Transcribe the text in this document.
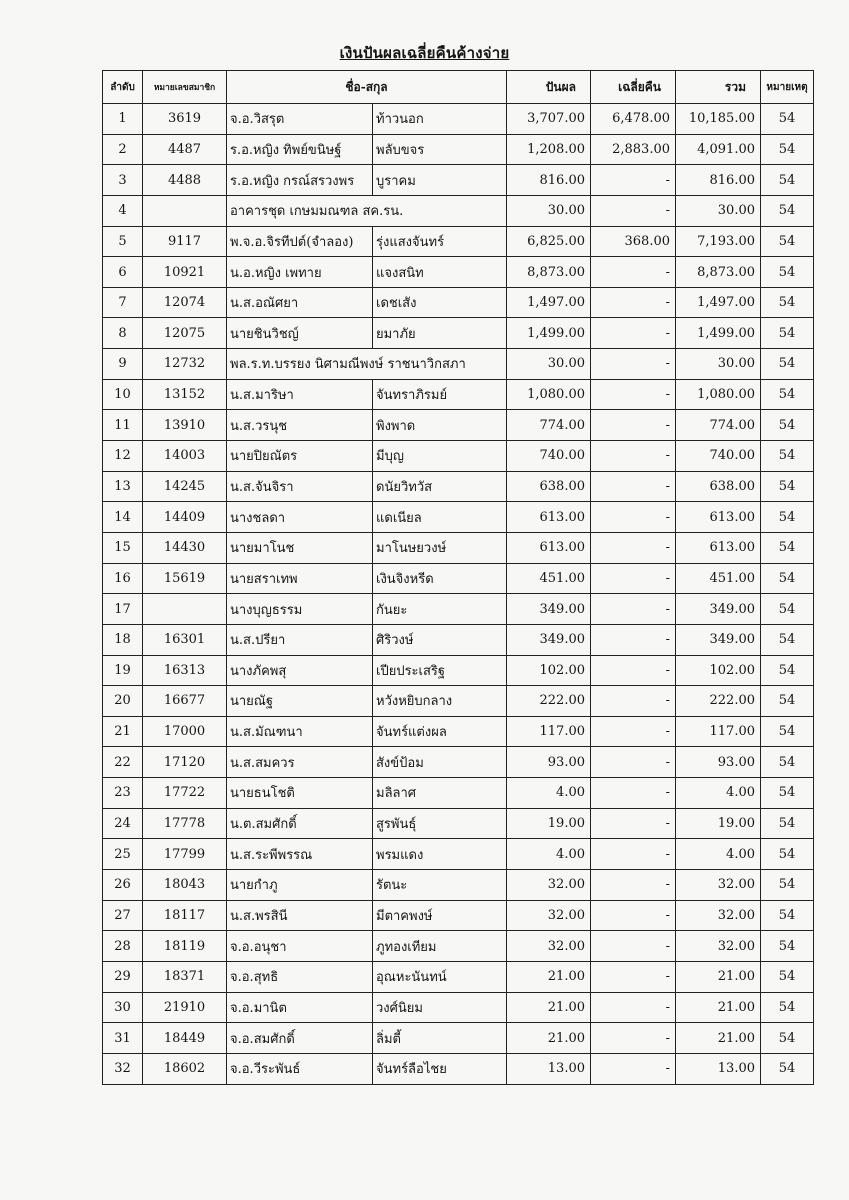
เงินปันผลเฉลี่ยคืนค้างจ่าย
ลำดับ	หมายเลขสมาชิก	ชื่อ-สกุล		ปันผล	เฉลี่ยคืน	รวม	หมายเหตุ
1	3619	จ.อ.วิสรุต	ท้าวนอก	3,707.00	6,478.00	10,185.00	54
2	4487	ร.อ.หญิง ทิพย์ขนิษฐ์	พลับขจร	1,208.00	2,883.00	4,091.00	54
3	4488	ร.อ.หญิง กรณ์สรวงพร	บูราคม	816.00	-	816.00	54
4		อาคารชุด เกษมมณฑล สค.รน.		30.00	-	30.00	54
5	9117	พ.จ.อ.จิรทีปต์(จำลอง)	รุ่งแสงจันทร์	6,825.00	368.00	7,193.00	54
6	10921	น.อ.หญิง เพทาย	แจงสนิท	8,873.00	-	8,873.00	54
7	12074	น.ส.อณัศยา	เดชเสัง	1,497.00	-	1,497.00	54
8	12075	นายชินวิชญ์	ยมาภัย	1,499.00	-	1,499.00	54
9	12732	พล.ร.ท.บรรยง นิศามณีพงษ์ ราชนาวิกสภา		30.00	-	30.00	54
10	13152	น.ส.มาริษา	จันทราภิรมย์	1,080.00	-	1,080.00	54
11	13910	น.ส.วรนุช	พิงพาด	774.00	-	774.00	54
12	14003	นายปิยณัตร	มีบุญ	740.00	-	740.00	54
13	14245	น.ส.จันจิรา	ดนัยวิทวัส	638.00	-	638.00	54
14	14409	นางชลดา	แดเนียล	613.00	-	613.00	54
15	14430	นายมาโนช	มาโนษยวงษ์	613.00	-	613.00	54
16	15619	นายสราเทพ	เงินจิงหรีด	451.00	-	451.00	54
17		นางบุญธรรม	กันยะ	349.00	-	349.00	54
18	16301	น.ส.ปรียา	ศิริวงษ์	349.00	-	349.00	54
19	16313	นางภัคพสุ	เปียประเสริฐ	102.00	-	102.00	54
20	16677	นายณัฐ	หวังหยิบกลาง	222.00	-	222.00	54
21	17000	น.ส.มัณฑนา	จันทร์แต่งผล	117.00	-	117.00	54
22	17120	น.ส.สมควร	สังข์ป้อม	93.00	-	93.00	54
23	17722	นายธนโชติ	มลิลาศ	4.00	-	4.00	54
24	17778	น.ต.สมศักดิ์	สูรพันธุ์	19.00	-	19.00	54
25	17799	น.ส.ระพีพรรณ	พรมแดง	4.00	-	4.00	54
26	18043	นายกำภู	รัตนะ	32.00	-	32.00	54
27	18117	น.ส.พรสินี	มีตาคพงษ์	32.00	-	32.00	54
28	18119	จ.อ.อนุชา	ภูทองเทียม	32.00	-	32.00	54
29	18371	จ.อ.สุทธิ	อุณหะนันทน์	21.00	-	21.00	54
30	21910	จ.อ.มานิต	วงศ์นิยม	21.00	-	21.00	54
31	18449	จ.อ.สมศักดิ์	ลิ่มตี้	21.00	-	21.00	54
32	18602	จ.อ.วีระพันธ์	จันทร์ลือไชย	13.00	-	13.00	54
